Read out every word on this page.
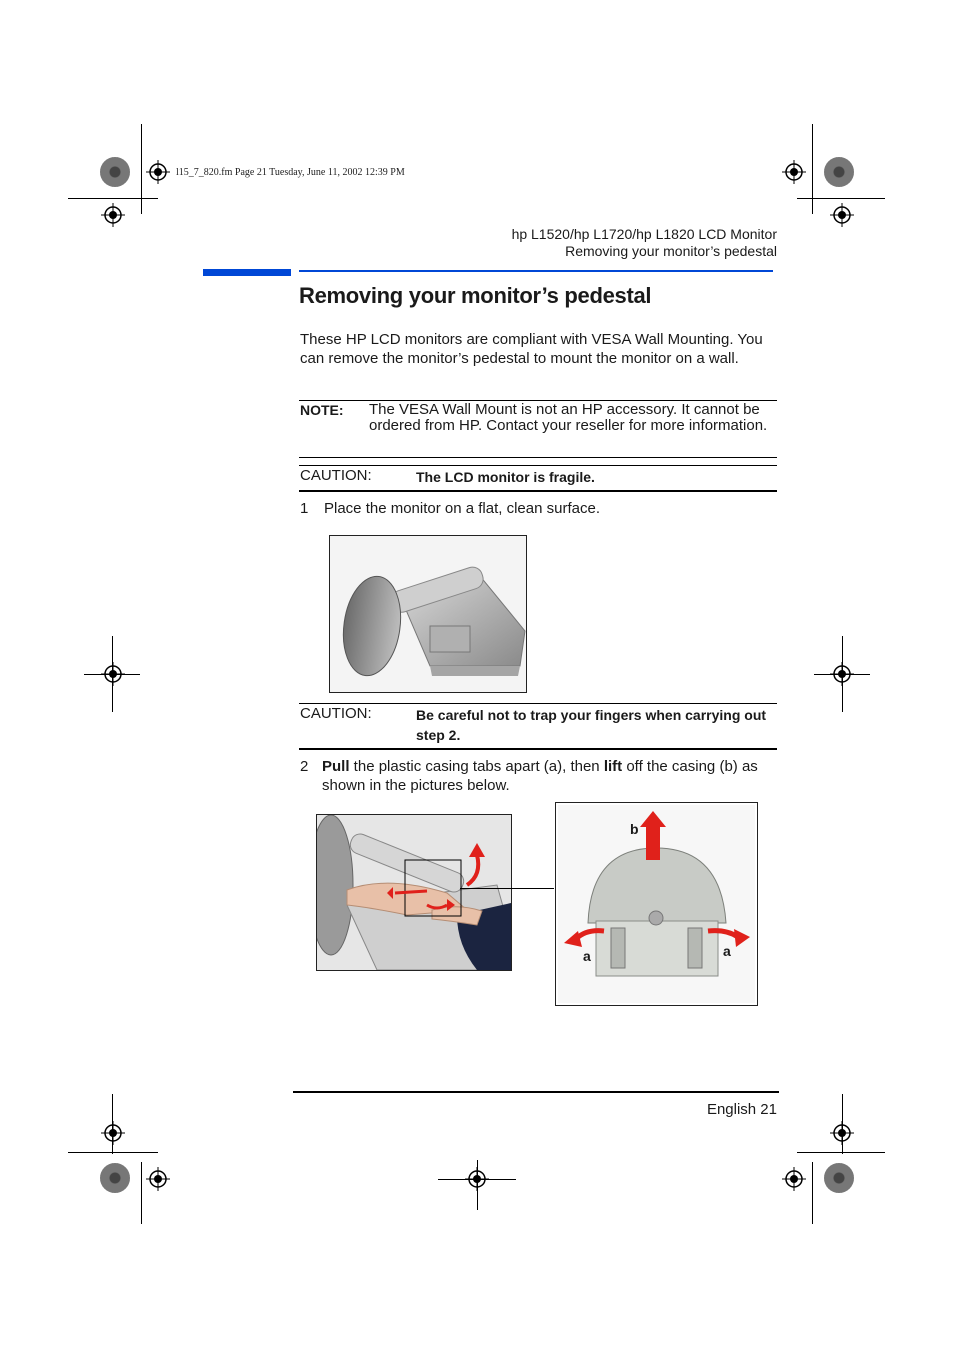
l15_7_820.fm Page 21 Tuesday, June 11, 2002 12:39 PM
hp L1520/hp L1720/hp L1820 LCD Monitor
Removing your monitor’s pedestal
Removing your monitor’s pedestal
These HP LCD monitors are compliant with VESA Wall Mounting. You can remove the monitor’s pedestal to mount the monitor on a wall.
NOTE: The VESA Wall Mount is not an HP accessory. It cannot be ordered from HP. Contact your reseller for more information.
CAUTION:	The LCD monitor is fragile.
1 Place the monitor on a flat, clean surface.
CAUTION:	Be careful not to trap your fingers when carrying out step 2.
2 Pull the plastic casing tabs apart (a), then lift off the casing (b) as shown in the pictures below.
b
a	a
English 21
